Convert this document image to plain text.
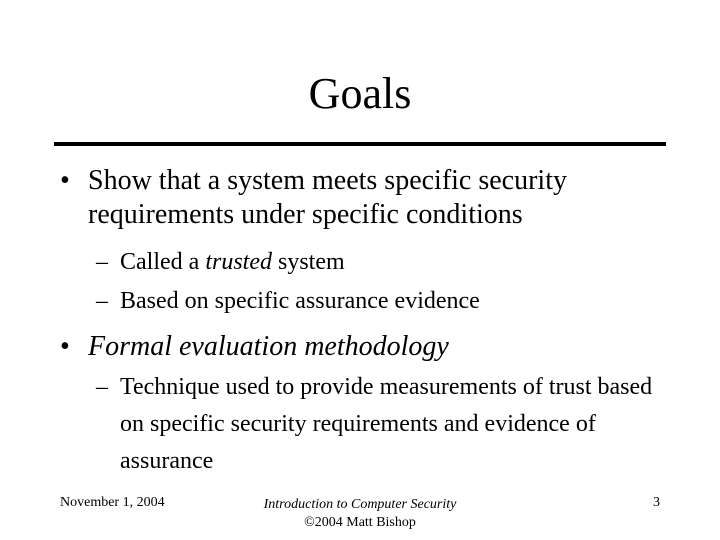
Goals
• Show that a system meets specific security requirements under specific conditions
– Called a trusted system
– Based on specific assurance evidence
• Formal evaluation methodology
– Technique used to provide measurements of trust based on specific security requirements and evidence of assurance
November 1, 2004	Introduction to Computer Security
©2004 Matt Bishop
3
